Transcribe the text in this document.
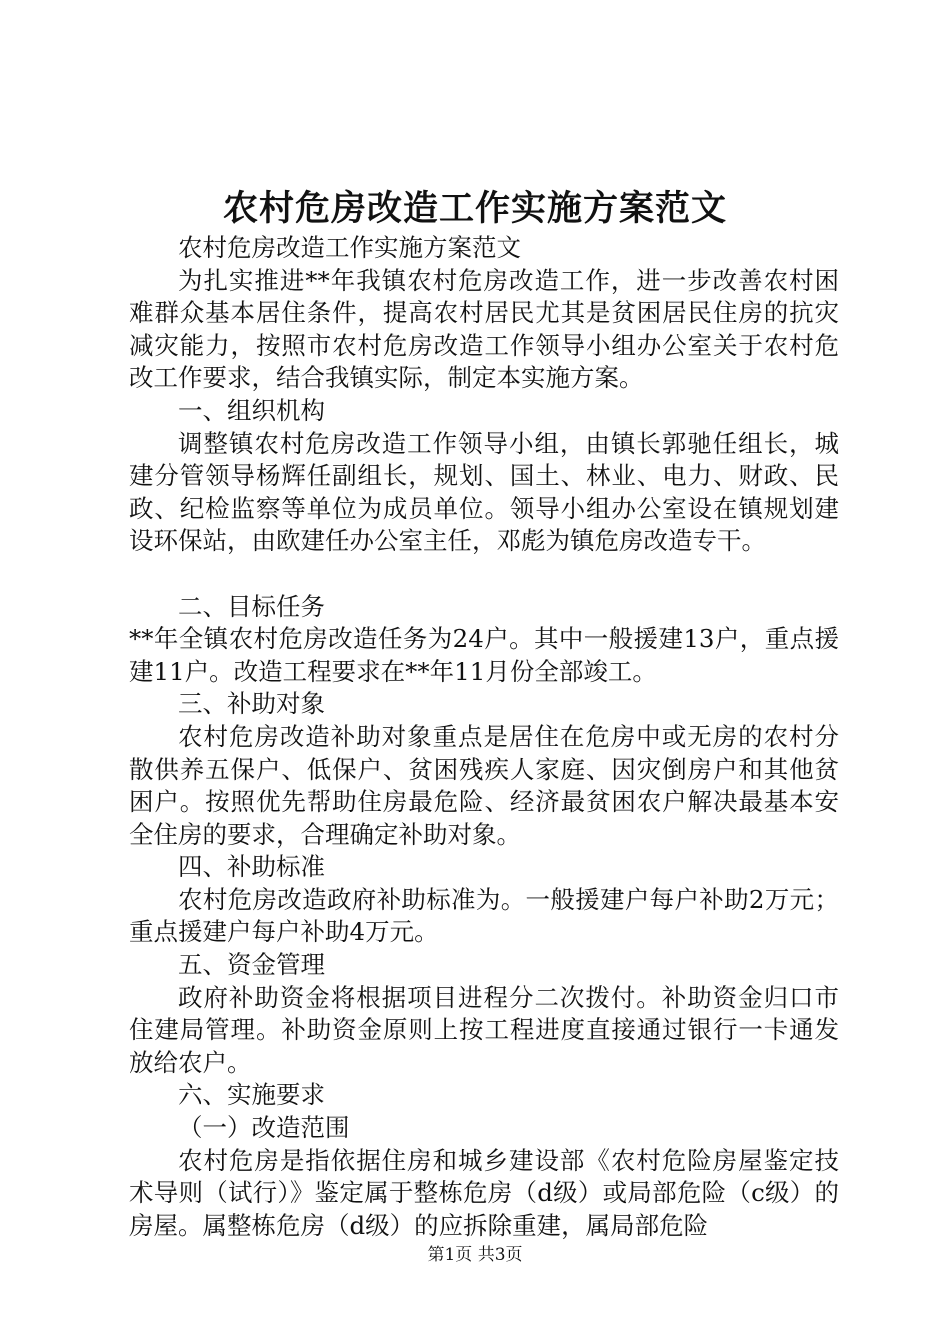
农村危房改造工作实施方案范文

农村危房改造工作实施方案范文

为扎实推进**年我镇农村危房改造工作，进一步改善农村困难群众基本居住条件，提高农村居民尤其是贫困居民住房的抗灾减灾能力，按照市农村危房改造工作领导小组办公室关于农村危改工作要求，结合我镇实际，制定本实施方案。

一、组织机构

调整镇农村危房改造工作领导小组，由镇长郭驰任组长，城建分管领导杨辉任副组长，规划、国土、林业、电力、财政、民政、纪检监察等单位为成员单位。领导小组办公室设在镇规划建设环保站，由欧建任办公室主任，邓彪为镇危房改造专干。

二、目标任务

**年全镇农村危房改造任务为24户。其中一般援建13户，重点援建11户。改造工程要求在**年11月份全部竣工。

三、补助对象

农村危房改造补助对象重点是居住在危房中或无房的农村分散供养五保户、低保户、贫困残疾人家庭、因灾倒房户和其他贫困户。按照优先帮助住房最危险、经济最贫困农户解决最基本安全住房的要求，合理确定补助对象。

四、补助标准

农村危房改造政府补助标准为。一般援建户每户补助2万元；重点援建户每户补助4万元。

五、资金管理

政府补助资金将根据项目进程分二次拨付。补助资金归口市住建局管理。补助资金原则上按工程进度直接通过银行一卡通发放给农户。

六、实施要求

（一）改造范围

农村危房是指依据住房和城乡建设部《农村危险房屋鉴定技术导则（试行）》鉴定属于整栋危房（d级）或局部危险（c级）的房屋。属整栋危房（d级）的应拆除重建，属局部危险

第1页 共3页
